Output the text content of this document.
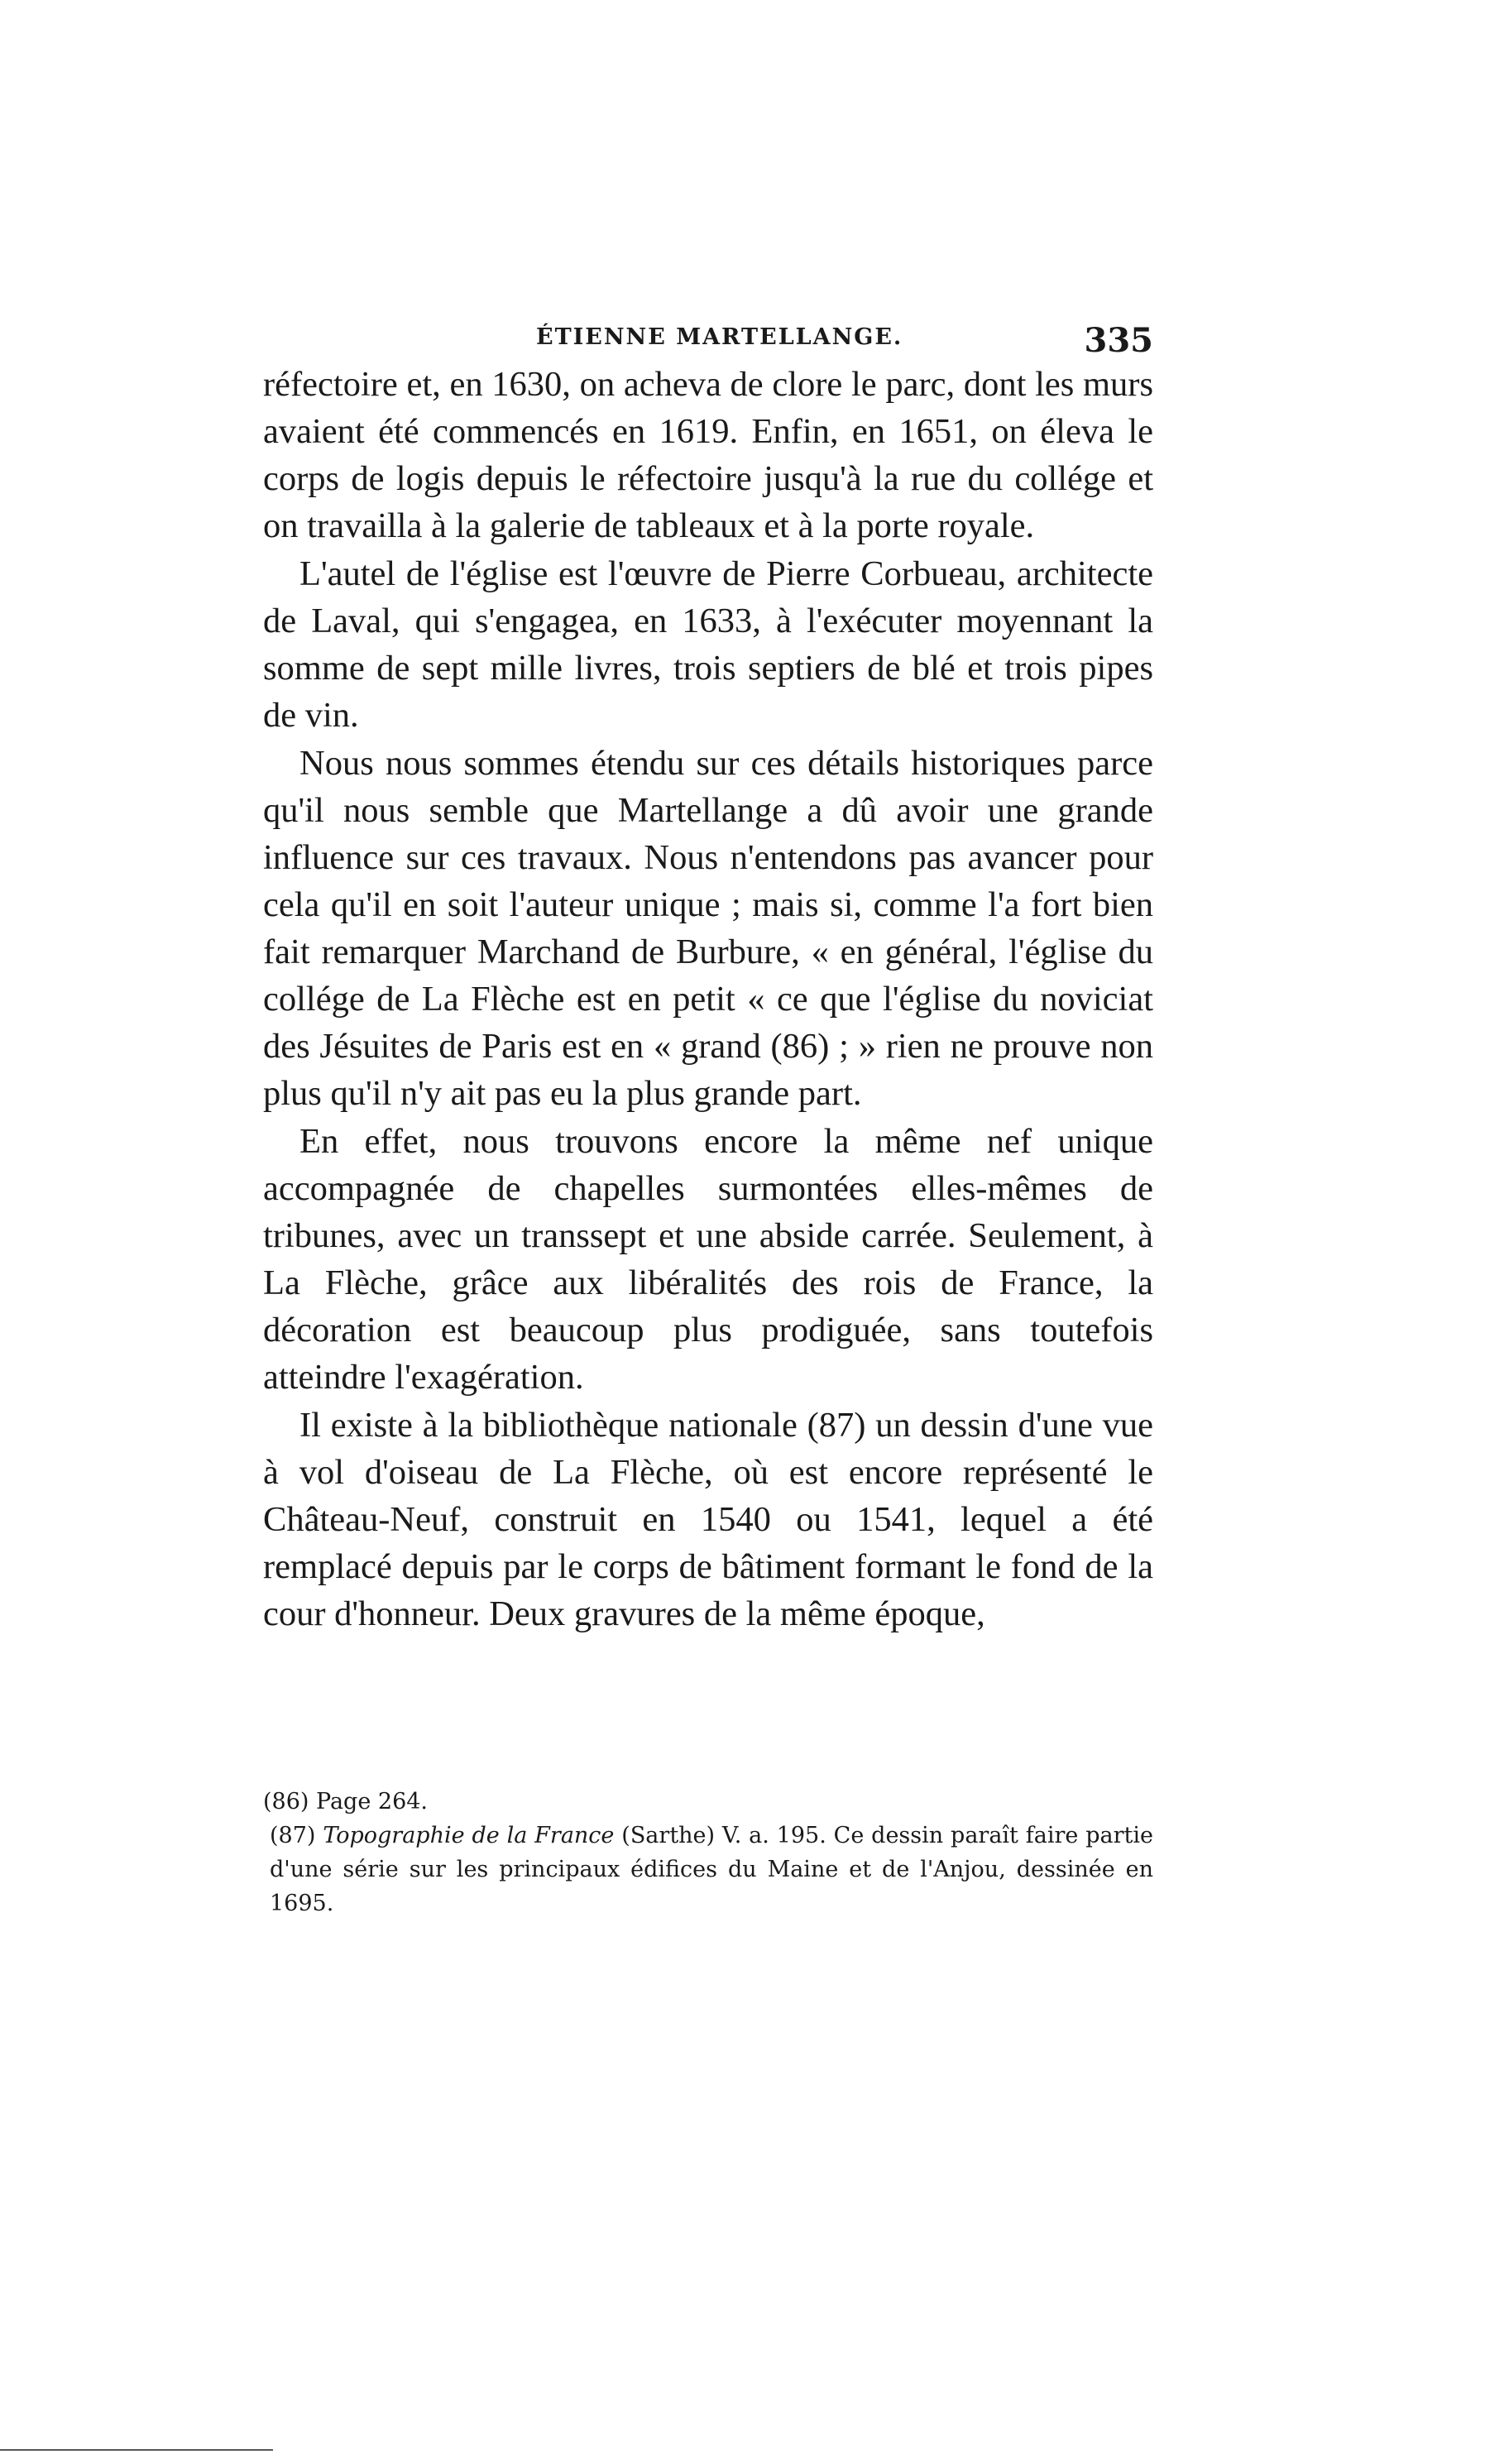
ÉTIENNE MARTELLANGE.	335

réfectoire et, en 1630, on acheva de clore le parc, dont les murs avaient été commencés en 1619. Enfin, en 1651, on éleva le corps de logis depuis le réfectoire jusqu'à la rue du collége et on travailla à la galerie de tableaux et à la porte royale.

L'autel de l'église est l'œuvre de Pierre Corbueau, architecte de Laval, qui s'engagea, en 1633, à l'exécuter moyennant la somme de sept mille livres, trois septiers de blé et trois pipes de vin.

Nous nous sommes étendu sur ces détails historiques parce qu'il nous semble que Martellange a dû avoir une grande influence sur ces travaux. Nous n'entendons pas avancer pour cela qu'il en soit l'auteur unique ; mais si, comme l'a fort bien fait remarquer Marchand de Burbure, « en général, l'église du collége de La Flèche est en petit « ce que l'église du noviciat des Jésuites de Paris est en « grand (86) ; » rien ne prouve non plus qu'il n'y ait pas eu la plus grande part.

En effet, nous trouvons encore la même nef unique accompagnée de chapelles surmontées elles-mêmes de tribunes, avec un transsept et une abside carrée. Seulement, à La Flèche, grâce aux libéralités des rois de France, la décoration est beaucoup plus prodiguée, sans toutefois atteindre l'exagération.

Il existe à la bibliothèque nationale (87) un dessin d'une vue à vol d'oiseau de La Flèche, où est encore représenté le Château-Neuf, construit en 1540 ou 1541, lequel a été remplacé depuis par le corps de bâtiment formant le fond de la cour d'honneur. Deux gravures de la même époque,

(86) Page 264.

(87) Topographie de la France (Sarthe) V. a. 195. Ce dessin paraît faire partie d'une série sur les principaux édifices du Maine et de l'Anjou, dessinée en 1695.
